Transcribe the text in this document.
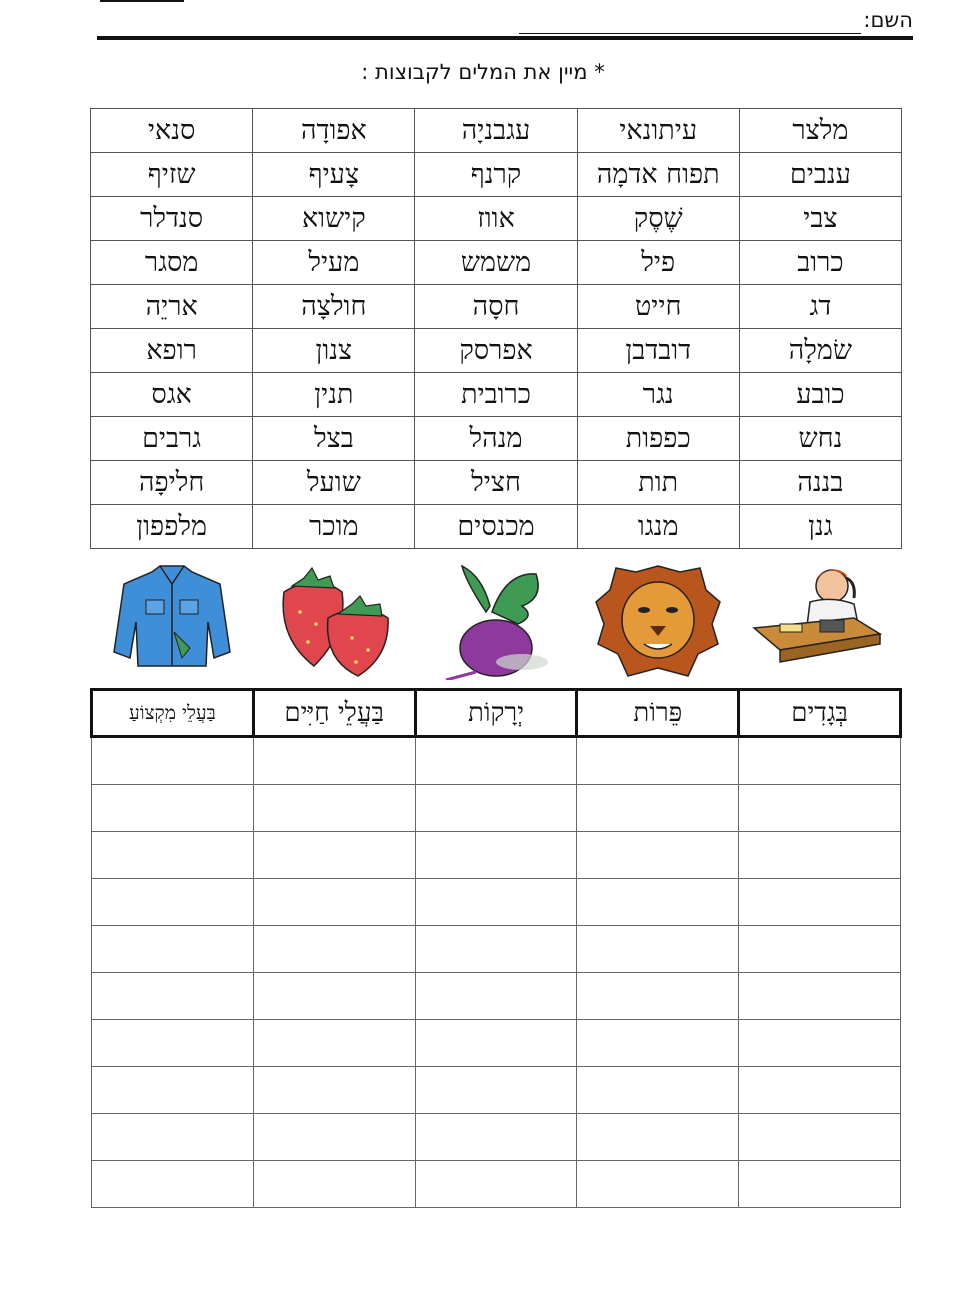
השם:
* מיין את המלים לקבוצות :
מלצר	עיתונאי	עגבניָה	אפודָה	סנאי
ענבים	תפוח אדמָה	קרנף	צָעיף	שזיף
צבי	שֶׁסֶק	אווז	קישוא	סנדלר
כרוב	פיל	משמש	מעיל	מסגר
דג	חייט	חסָה	חולצָה	אריֵה
שׂמלָה	דובדבן	אפרסק	צנון	רופא
כובע	נגר	כרובית	תנין	אגס
נחש	כפפות	מנהל	בצל	גרבים
בננה	תות	חציל	שועל	חליפָה
גנן	מנגו	מכנסים	מוכר	מלפפון
בְּגָדִים	פֵּרוֹת	יְרָקוֹת	בַּעֲלֵי חַיִּים	בַּעֲלֵי מִקְצוֹעַ
